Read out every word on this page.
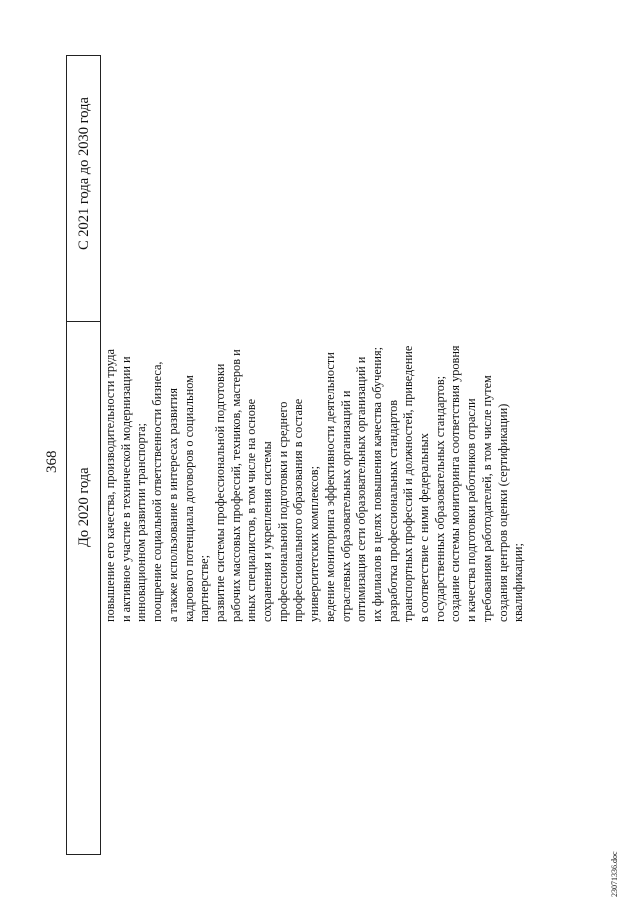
368
До 2020 года
С 2021 года до 2030 года
повышение его качества, производительности труда и активное участие в технической модернизации и инновационном развитии транспорта; поощрение социальной ответственности бизнеса, а также использование в интересах развития кадрового потенциала договоров о социальном партнерстве; развитие системы профессиональной подготовки рабочих массовых профессий, техников, мастеров и иных специалистов, в том числе на основе сохранения и укрепления системы профессиональной подготовки и среднего профессионального образования в составе университетских комплексов; ведение мониторинга эффективности деятельности отраслевых образовательных организаций и оптимизация сети образовательных организаций и их филиалов в целях повышения качества обучения; разработка профессиональных стандартов транспортных профессий и должностей, приведение в соответствие с ними федеральных государственных образовательных стандартов; создание системы мониторинга соответствия уровня и качества подготовки работников отрасли требованиям работодателей, в том числе путем создания центров оценки (сертификации) квалификации;
23071336.doc
